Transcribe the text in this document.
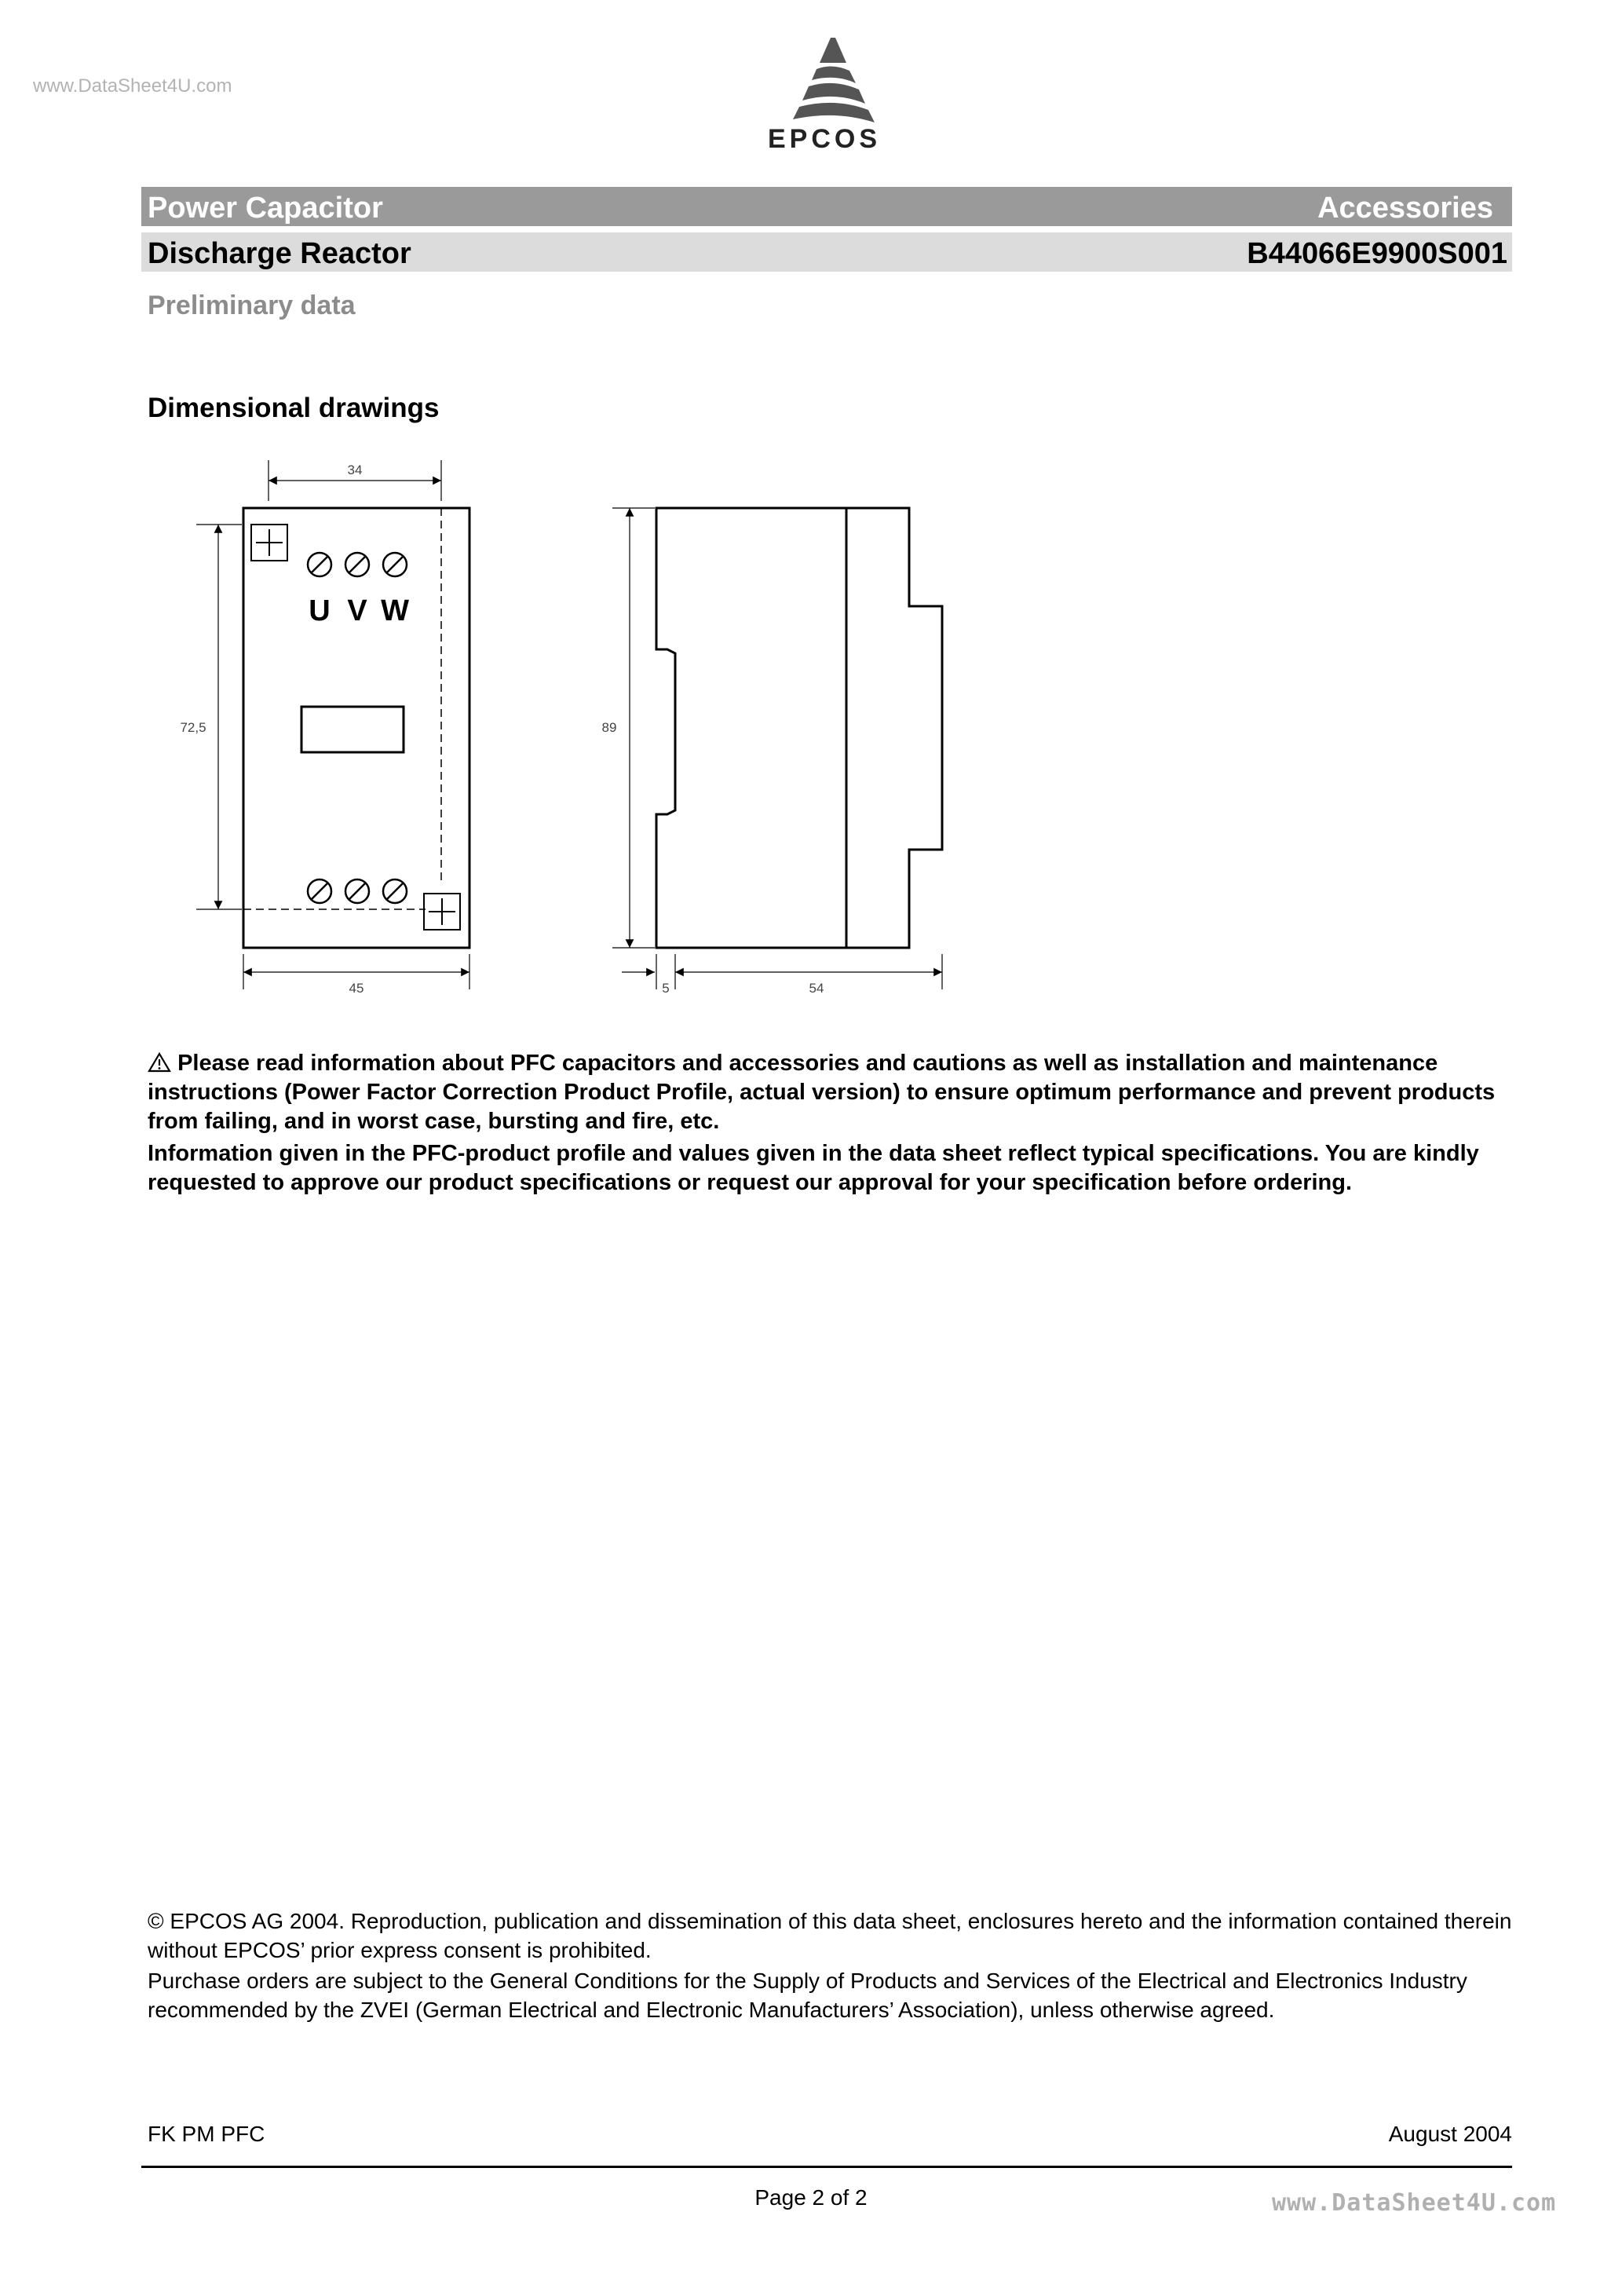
www.DataSheet4U.com
EPCOS
Power Capacitor	Accessories
Discharge Reactor	B44066E9900S001
Preliminary data
Dimensional drawings
U V W
34
72,5
45
89
5	54

Please read information about PFC capacitors and accessories and cautions as well as installation and maintenance instructions (Power Factor Correction Product Profile, actual version) to ensure optimum performance and prevent products from failing, and in worst case, bursting and fire, etc.

Information given in the PFC-product profile and values given in the data sheet reflect typical specifications. You are kindly requested to approve our product specifications or request our approval for your specification before ordering.

© EPCOS AG 2004. Reproduction, publication and dissemination of this data sheet, enclosures hereto and the information contained therein without EPCOS’ prior express consent is prohibited.

Purchase orders are subject to the General Conditions for the Supply of Products and Services of the Electrical and Electronics Industry recommended by the ZVEI (German Electrical and Electronic Manufacturers’ Association), unless otherwise agreed.

FK PM PFC	August 2004
Page 2 of 2	www.DataSheet4U.com
